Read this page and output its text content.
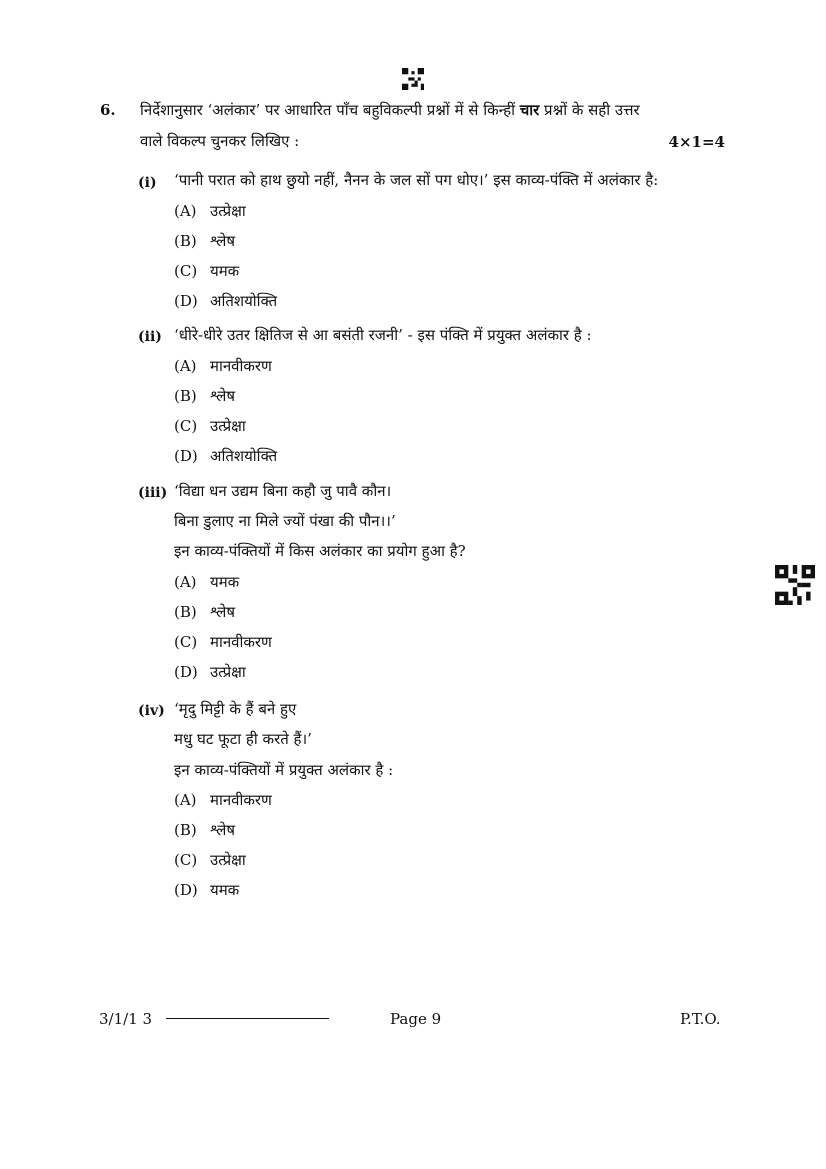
6. निर्देशानुसार ‘अलंकार’ पर आधारित पाँच बहुविकल्पी प्रश्नों में से किन्हीं चार प्रश्नों के सही उत्तर
वाले विकल्प चुनकर लिखिए :	4×1=4
(i) ‘पानी परात को हाथ छुयो नहीं, नैनन के जल सों पग धोए।’ इस काव्य-पंक्ति में अलंकार है:
(A) उत्प्रेक्षा
(B) श्लेष
(C) यमक
(D) अतिशयोक्ति
(ii) ‘धीरे-धीरे उतर क्षितिज से आ बसंती रजनी’ - इस पंक्ति में प्रयुक्त अलंकार है :
(A) मानवीकरण
(B) श्लेष
(C) उत्प्रेक्षा
(D) अतिशयोक्ति
(iii) ‘विद्या धन उद्यम बिना कहौ जु पावै कौन।
बिना डुलाए ना मिले ज्यों पंखा की पौन।।’
इन काव्य-पंक्तियों में किस अलंकार का प्रयोग हुआ है?
(A) यमक
(B) श्लेष
(C) मानवीकरण
(D) उत्प्रेक्षा
(iv) ‘मृदु मिट्टी के हैं बने हुए
मधु घट फूटा ही करते हैं।’
इन काव्य-पंक्तियों में प्रयुक्त अलंकार है :
(A) मानवीकरण
(B) श्लेष
(C) उत्प्रेक्षा
(D) यमक
3/1/1 3	Page 9	P.T.O.
